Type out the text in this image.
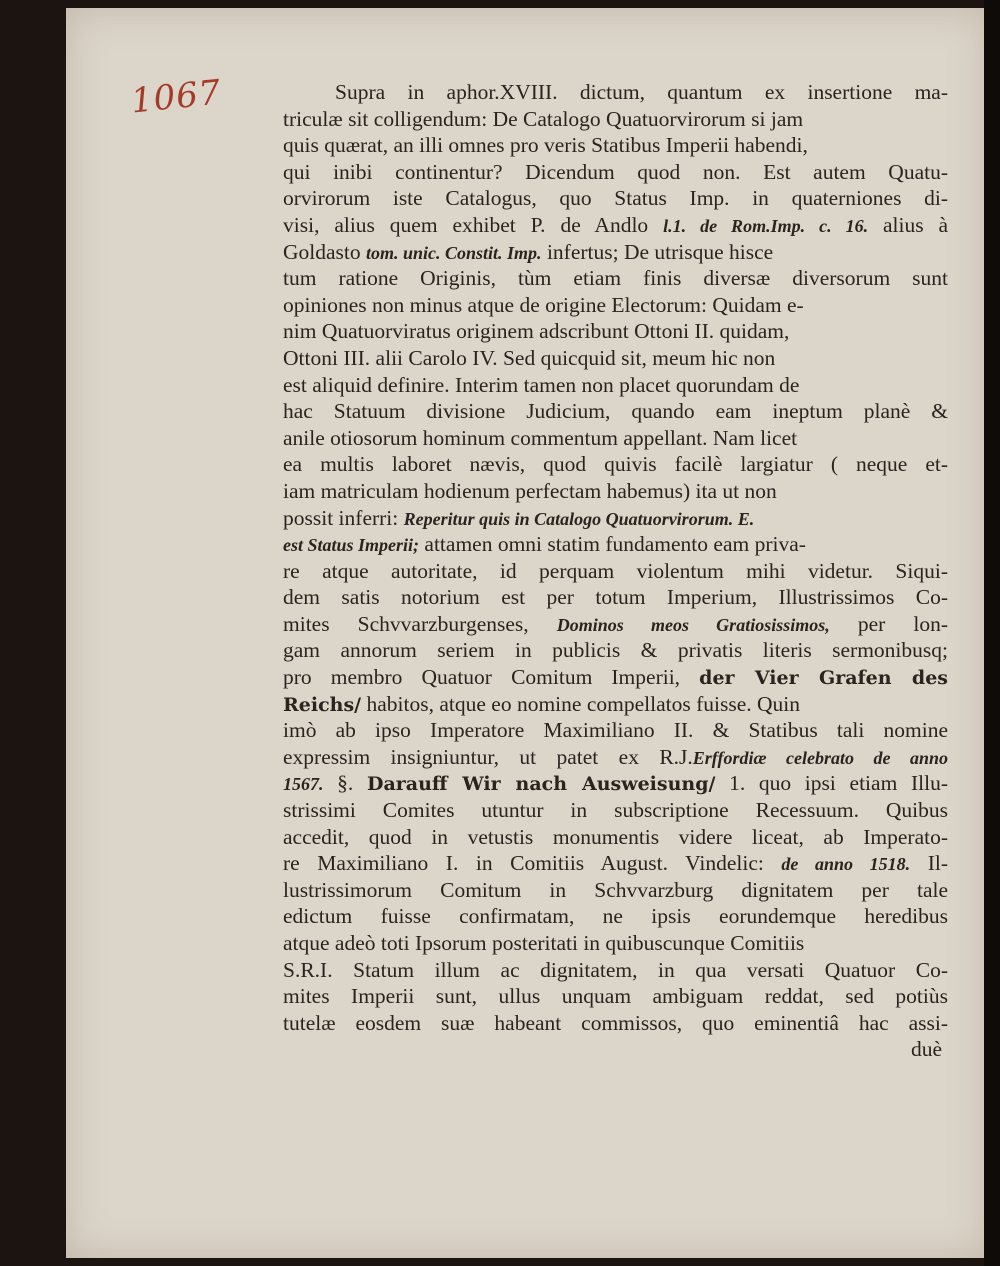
1067	Supra in aphor.XVIII. dictum, quantum ex insertione ma-
triculæ sit colligendum: De Catalogo Quatuorvirorum si jam
quis quærat, an illi omnes pro veris Statibus Imperii habendi,
qui inibi continentur? Dicendum quod non. Est autem Quatu-
orvirorum iste Catalogus, quo Status Imp. in quaterniones di-
visi, alius quem exhibet P. de Andlo l.1. de Rom.Imp. c. 16. alius à
Goldasto tom. unic. Constit. Imp. infertus; De utrisque hisce
tum ratione Originis, tùm etiam finis diversæ diversorum sunt
opiniones non minus atque de origine Electorum: Quidam e-
nim Quatuorviratus originem adscribunt Ottoni II. quidam,
Ottoni III. alii Carolo IV. Sed quicquid sit, meum hic non
est aliquid definire. Interim tamen non placet quorundam de
hac Statuum divisione Judicium, quando eam ineptum planè &
anile otiosorum hominum commentum appellant. Nam licet
ea multis laboret nævis, quod quivis facilè largiatur ( neque et-
iam matriculam hodienum perfectam habemus) ita ut non
possit inferri: Reperitur quis in Catalogo Quatuorvirorum. E.
est Status Imperii; attamen omni statim fundamento eam priva-
re atque autoritate, id perquam violentum mihi videtur. Siqui-
dem satis notorium est per totum Imperium, Illustrissimos Co-
mites Schvvarzburgenses, Dominos meos Gratiosissimos, per lon-
gam annorum seriem in publicis & privatis literis sermonibusq;
pro membro Quatuor Comitum Imperii, der Vier Grafen des
Reichs/ habitos, atque eo nomine compellatos fuisse. Quin
imò ab ipso Imperatore Maximiliano II. & Statibus tali nomine
expressim insigniuntur, ut patet ex R.J.Erffordiæ celebrato de anno
1567. §. Darauff Wir nach Ausweisung/ 1. quo ipsi etiam Illu-
strissimi Comites utuntur in subscriptione Recessuum. Quibus
accedit, quod in vetustis monumentis videre liceat, ab Imperato-
re Maximiliano I. in Comitiis August. Vindelic: de anno 1518. Il-
lustrissimorum Comitum in Schvvarzburg dignitatem per tale
edictum fuisse confirmatam, ne ipsis eorundemque heredibus
atque adeò toti Ipsorum posteritati in quibuscunque Comitiis
S.R.I. Statum illum ac dignitatem, in qua versati Quatuor Co-
mites Imperii sunt, ullus unquam ambiguam reddat, sed potiùs
tutelæ eosdem suæ habeant commissos, quo eminentiâ hac assi-
duè
